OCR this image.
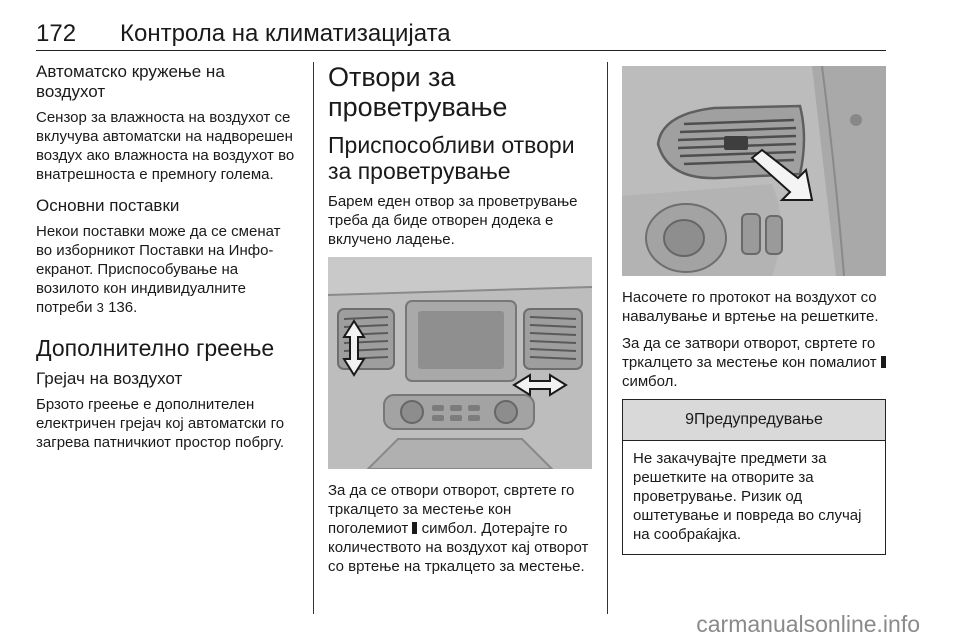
172 Контрола на климатизацијата
Автоматско кружење на воздухот

Сензор за влажноста на воздухот се вклучува автоматски на надворешен воздух ако влажноста на воздухот во внатрешноста е премногу голема.

Основни поставки

Некои поставки може да се сменат во изборникот Поставки на Инфо-екранот. Приспособување на возилото кон индивидуалните потреби 3 136.

Дополнително греење
Грејач на воздухот

Брзото греење е дополнителен електричен грејач кој автоматски го загрева патничкиот простор побргу.

Отвори за проветрување
Приспособливи отвори за проветрување

Барем еден отвор за проветрување треба да биде отворен додека е вклучено ладење.

За да се отвори отворот, свртете го тркалцето за местење кон поголемиот симбол. Дотерајте го количеството на воздухот кај отворот со вртење на тркалцето за местење.

Насочете го протокот на воздухот со навалување и вртење на решетките.

За да се затвори отворот, свртете го тркалцето за местење кон помалиот  симбол.

9Предупредување

Не закачувајте предмети за решетките на отворите за проветрување. Ризик од оштетување и повреда во случај на сообраќајка.

carmanualsonline.info
